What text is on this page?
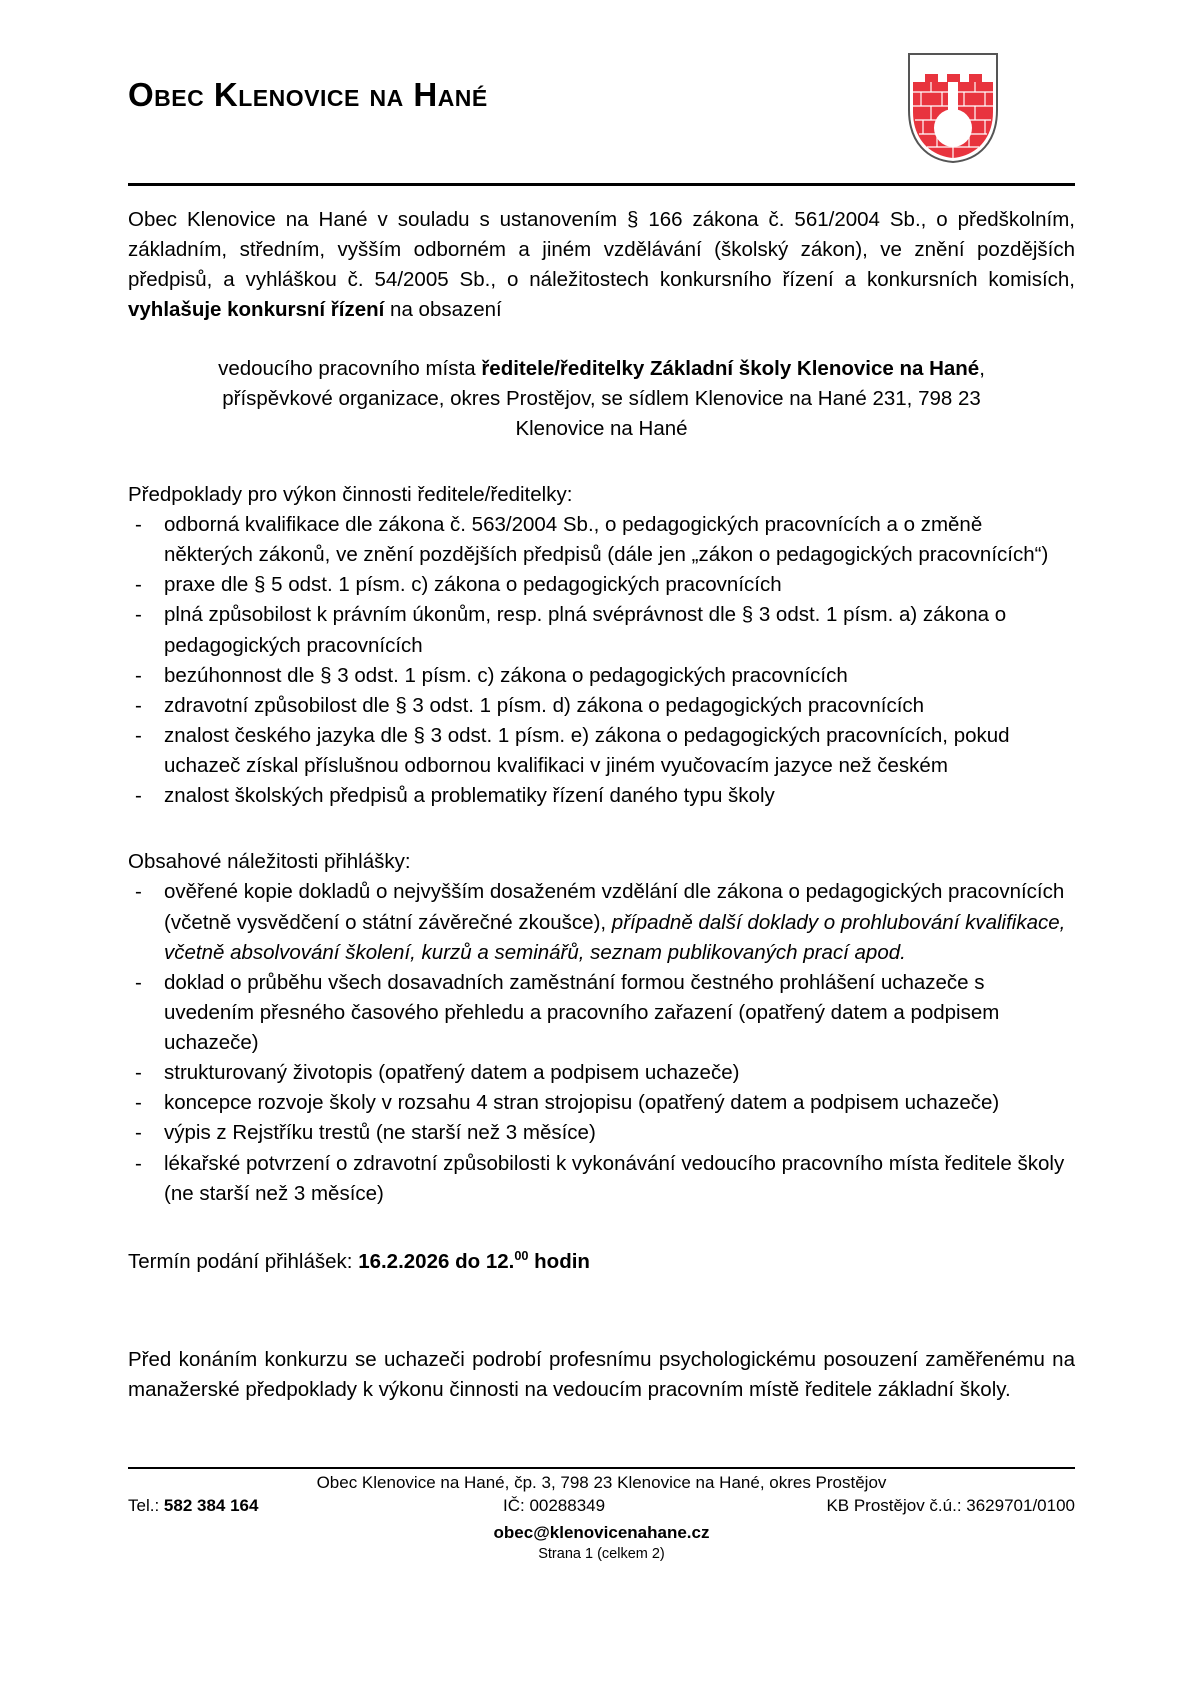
Obec Klenovice na Hané

Obec Klenovice na Hané v souladu s ustanovením § 166 zákona č. 561/2004 Sb., o předškolním, základním, středním, vyšším odborném a jiném vzdělávání (školský zákon), ve znění pozdějších předpisů, a vyhláškou č. 54/2005 Sb., o náležitostech konkursního řízení a konkursních komisích, vyhlašuje konkursní řízení na obsazení

vedoucího pracovního místa ředitele/ředitelky Základní školy Klenovice na Hané,

příspěvkové organizace, okres Prostějov, se sídlem Klenovice na Hané 231, 798 23

Klenovice na Hané

Předpoklady pro výkon činnosti ředitele/ředitelky:

- odborná kvalifikace dle zákona č. 563/2004 Sb., o pedagogických pracovnících a o změně některých zákonů, ve znění pozdějších předpisů (dále jen „zákon o pedagogických pracovnících“)
- praxe dle § 5 odst. 1 písm. c) zákona o pedagogických pracovnících
- plná způsobilost k právním úkonům, resp. plná svéprávnost dle § 3 odst. 1 písm. a) zákona o pedagogických pracovnících
- bezúhonnost dle § 3 odst. 1 písm. c) zákona o pedagogických pracovnících
- zdravotní způsobilost dle § 3 odst. 1 písm. d) zákona o pedagogických pracovnících
- znalost českého jazyka dle § 3 odst. 1 písm. e) zákona o pedagogických pracovnících, pokud uchazeč získal příslušnou odbornou kvalifikaci v jiném vyučovacím jazyce než českém
- znalost školských předpisů a problematiky řízení daného typu školy

Obsahové náležitosti přihlášky:

- ověřené kopie dokladů o nejvyšším dosaženém vzdělání dle zákona o pedagogických pracovnících (včetně vysvědčení o státní závěrečné zkoušce), případně další doklady o prohlubování kvalifikace, včetně absolvování školení, kurzů a seminářů, seznam publikovaných prací apod.
- doklad o průběhu všech dosavadních zaměstnání formou čestného prohlášení uchazeče s uvedením přesného časového přehledu a pracovního zařazení (opatřený datem a podpisem uchazeče)
- strukturovaný životopis (opatřený datem a podpisem uchazeče)
- koncepce rozvoje školy v rozsahu 4 stran strojopisu (opatřený datem a podpisem uchazeče)
- výpis z Rejstříku trestů (ne starší než 3 měsíce)
- lékařské potvrzení o zdravotní způsobilosti k vykonávání vedoucího pracovního místa ředitele školy (ne starší než 3 měsíce)

Termín podání přihlášek: 16.2.2026 do 12.00 hodin

Před konáním konkurzu se uchazeči podrobí profesnímu psychologickému posouzení zaměřenému na manažerské předpoklady k výkonu činnosti na vedoucím pracovním místě ředitele základní školy.

Obec Klenovice na Hané, čp. 3, 798 23 Klenovice na Hané, okres Prostějov
Tel.: 582 384 164	IČ: 00288349	KB Prostějov č.ú.: 3629701/0100
obec@klenovicenahane.cz
Strana 1 (celkem 2)
